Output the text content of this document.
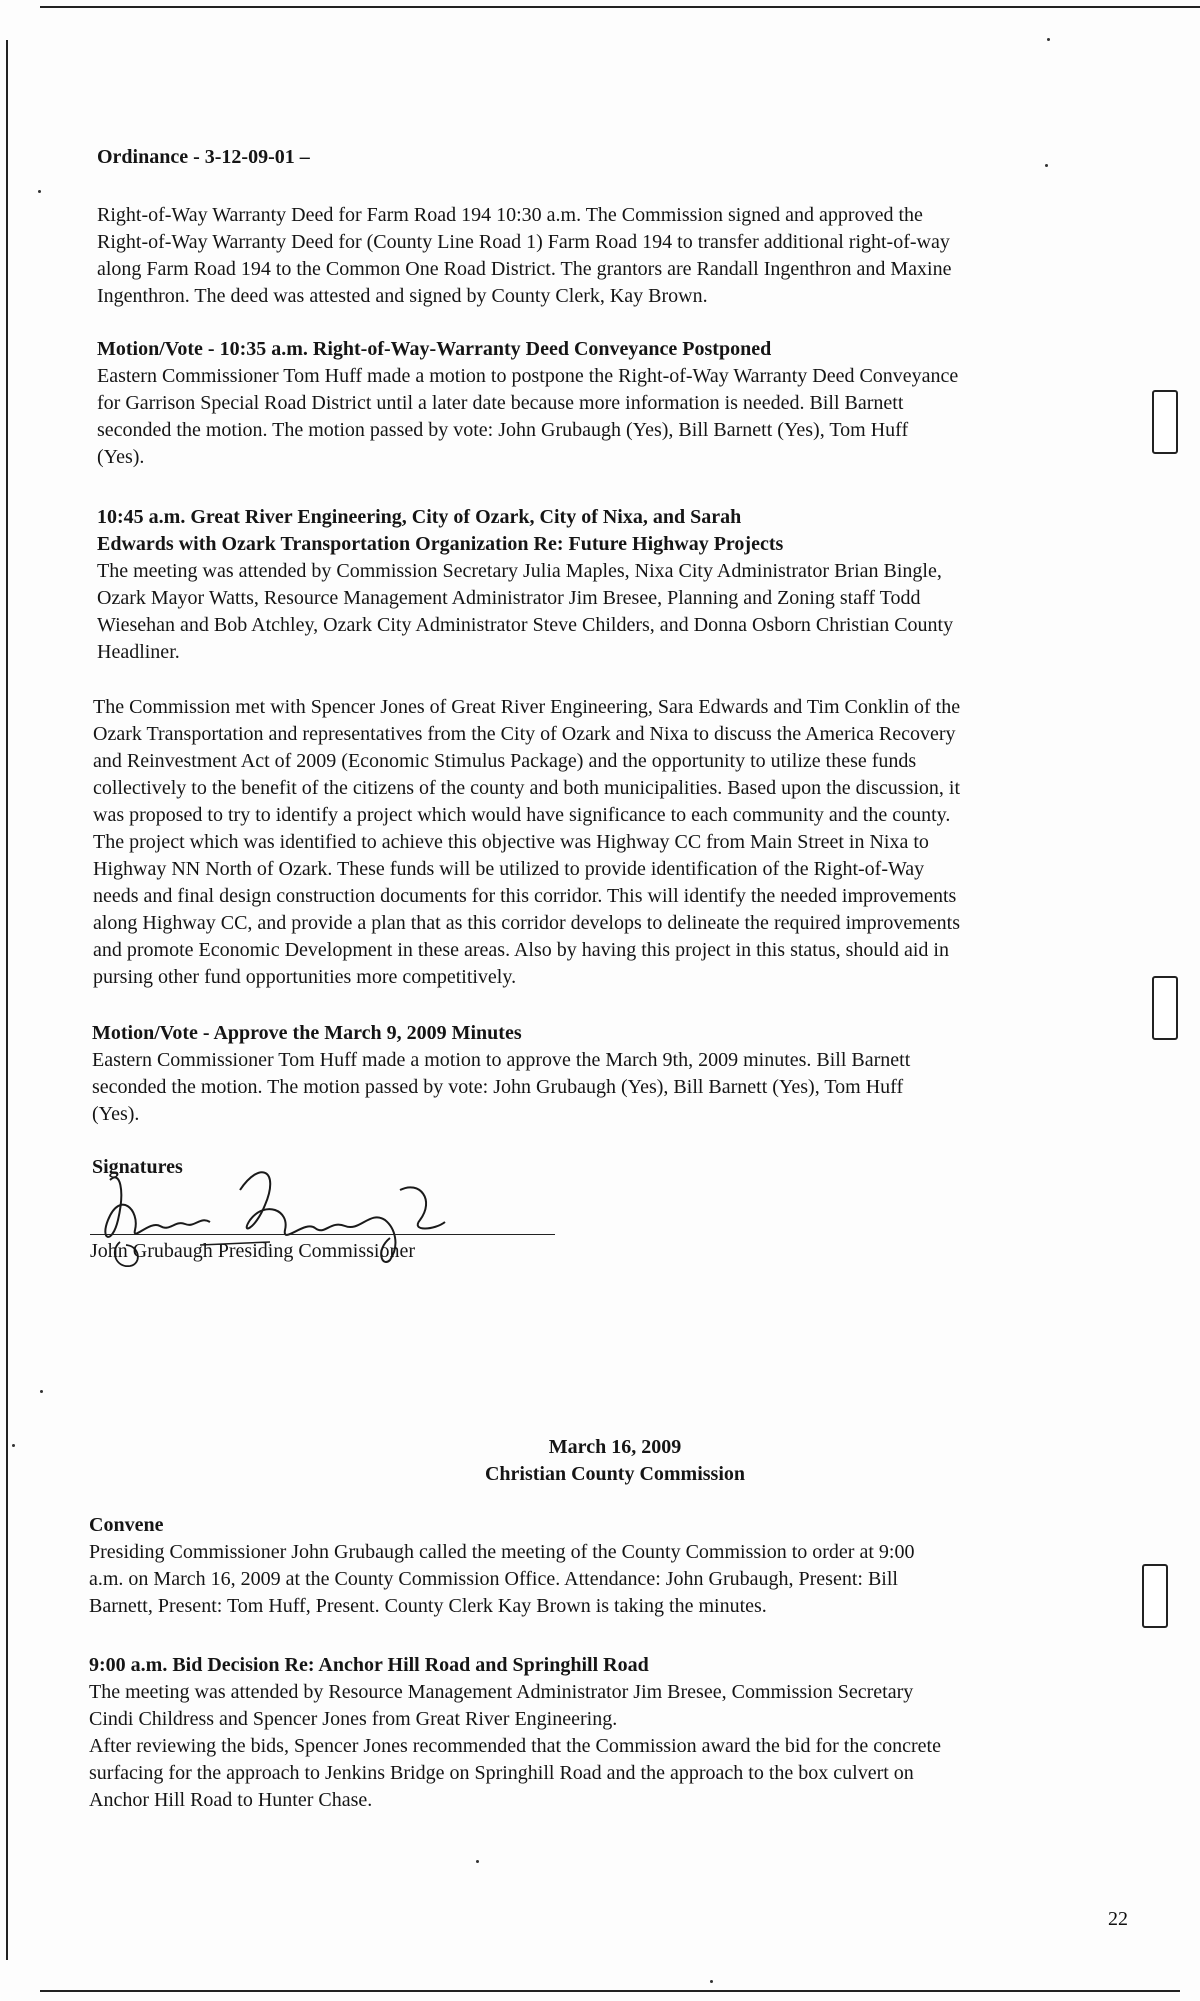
Ordinance - 3-12-09-01 –
Right-of-Way Warranty Deed for Farm Road 194 10:30 a.m. The Commission signed and approved the
Right-of-Way Warranty Deed for (County Line Road 1) Farm Road 194 to transfer additional right-of-way
along Farm Road 194 to the Common One Road District. The grantors are Randall Ingenthron and Maxine
Ingenthron. The deed was attested and signed by County Clerk, Kay Brown.
Motion/Vote - 10:35 a.m. Right-of-Way-Warranty Deed Conveyance Postponed
Eastern Commissioner Tom Huff made a motion to postpone the Right-of-Way Warranty Deed Conveyance
for Garrison Special Road District until a later date because more information is needed. Bill Barnett
seconded the motion. The motion passed by vote: John Grubaugh (Yes), Bill Barnett (Yes), Tom Huff
(Yes).
10:45 a.m. Great River Engineering, City of Ozark, City of Nixa, and Sarah
Edwards with Ozark Transportation Organization Re: Future Highway Projects
The meeting was attended by Commission Secretary Julia Maples, Nixa City Administrator Brian Bingle,
Ozark Mayor Watts, Resource Management Administrator Jim Bresee, Planning and Zoning staff Todd
Wiesehan and Bob Atchley, Ozark City Administrator Steve Childers, and Donna Osborn Christian County
Headliner.
The Commission met with Spencer Jones of Great River Engineering, Sara Edwards and Tim Conklin of the
Ozark Transportation and representatives from the City of Ozark and Nixa to discuss the America Recovery
and Reinvestment Act of 2009 (Economic Stimulus Package) and the opportunity to utilize these funds
collectively to the benefit of the citizens of the county and both municipalities. Based upon the discussion, it
was proposed to try to identify a project which would have significance to each community and the county.
The project which was identified to achieve this objective was Highway CC from Main Street in Nixa to
Highway NN North of Ozark. These funds will be utilized to provide identification of the Right-of-Way
needs and final design construction documents for this corridor. This will identify the needed improvements
along Highway CC, and provide a plan that as this corridor develops to delineate the required improvements
and promote Economic Development in these areas. Also by having this project in this status, should aid in
pursing other fund opportunities more competitively.
Motion/Vote - Approve the March 9, 2009 Minutes
Eastern Commissioner Tom Huff made a motion to approve the March 9th, 2009 minutes. Bill Barnett
seconded the motion. The motion passed by vote: John Grubaugh (Yes), Bill Barnett (Yes), Tom Huff
(Yes).
Signatures
John Grubaugh Presiding Commissioner
March 16, 2009
Christian County Commission
Convene
Presiding Commissioner John Grubaugh called the meeting of the County Commission to order at 9:00
a.m. on March 16, 2009 at the County Commission Office. Attendance: John Grubaugh, Present: Bill
Barnett, Present: Tom Huff, Present. County Clerk Kay Brown is taking the minutes.
9:00 a.m. Bid Decision Re: Anchor Hill Road and Springhill Road
The meeting was attended by Resource Management Administrator Jim Bresee, Commission Secretary
Cindi Childress and Spencer Jones from Great River Engineering.
After reviewing the bids, Spencer Jones recommended that the Commission award the bid for the concrete
surfacing for the approach to Jenkins Bridge on Springhill Road and the approach to the box culvert on
Anchor Hill Road to Hunter Chase.
22
